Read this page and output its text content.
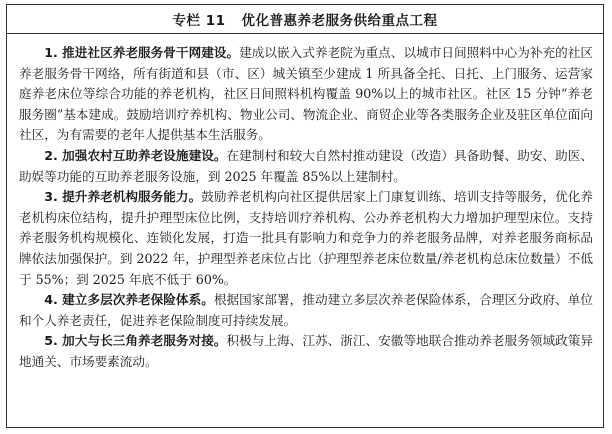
专栏 11 优化普惠养老服务供给重点工程

1. 推进社区养老服务骨干网建设。建成以嵌入式养老院为重点、以城市日间照料中心为补充的社区养老服务骨干网络，所有街道和县（市、区）城关镇至少建成 1 所具备全托、日托、上门服务、运营家庭养老床位等综合功能的养老机构，社区日间照料机构覆盖 90%以上的城市社区。社区 15 分钟“养老服务圈”基本建成。鼓励培训疗养机构、物业公司、物流企业、商贸企业等各类服务企业及驻区单位面向社区，为有需要的老年人提供基本生活服务。

2. 加强农村互助养老设施建设。在建制村和较大自然村推动建设（改造）具备助餐、助安、助医、助娱等功能的互助养老服务设施，到 2025 年覆盖 85%以上建制村。

3. 提升养老机构服务能力。鼓励养老机构向社区提供居家上门康复训练、培训支持等服务，优化养老机构床位结构，提升护理型床位比例，支持培训疗养机构、公办养老机构大力增加护理型床位。支持养老服务机构规模化、连锁化发展，打造一批具有影响力和竞争力的养老服务品牌，对养老服务商标品牌依法加强保护。到 2022 年，护理型养老床位占比（护理型养老床位数量/养老机构总床位数量）不低于 55%；到 2025 年底不低于 60%。

4. 建立多层次养老保险体系。根据国家部署，推动建立多层次养老保险体系，合理区分政府、单位和个人养老责任，促进养老保险制度可持续发展。

5. 加大与长三角养老服务对接。积极与上海、江苏、浙江、安徽等地联合推动养老服务领域政策异地通关、市场要素流动。
